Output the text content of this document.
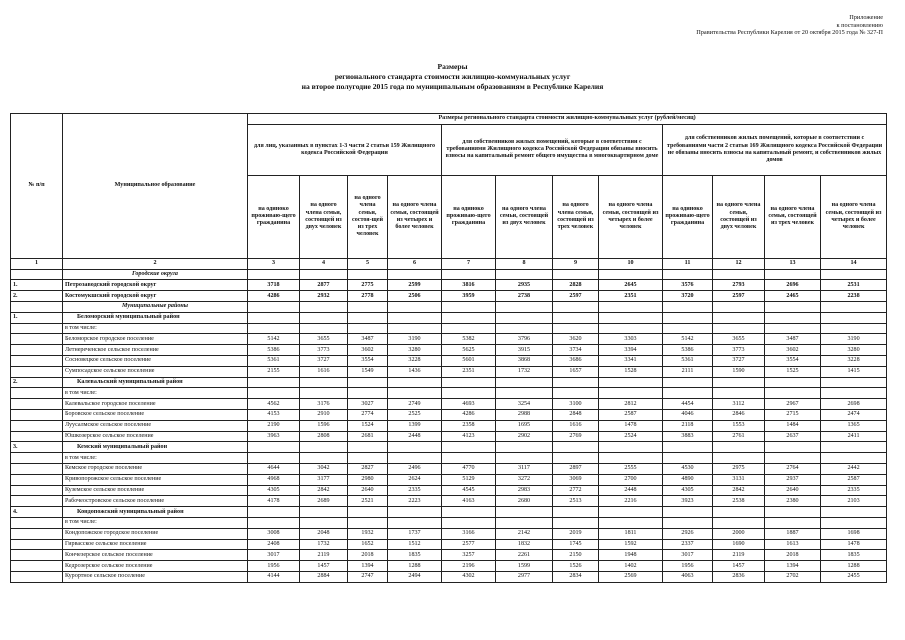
Приложение
к постановлению
Правительства Республики Карелия от 20 октября 2015 года № 327-П
Размеры
регионального стандарта стоимости жилищно-коммунальных услуг
на второе полугодие 2015 года по муниципальным образованиям в Республике Карелия
№ п/п	Муниципальное образование	Размеры регионального стандарта стоимости жилищно-коммунальных услуг (рублей/месяц)											
		для лиц, указанных в пунктах 1-3 части 2 статьи 159 Жилищного кодекса Российской Федерации				для собственников жилых помещений, которые в соответствии с требованиями Жилищного кодекса Российской Федерации обязаны вносить взносы на капитальный ремонт общего имущества в многоквартирном доме				для собственников жилых помещений, которые в соответствии с требованиями части 2 статьи 169 Жилищного кодекса Российской Федерации не обязаны вносить взносы на капитальный ремонт, и собственников жилых домов			
		на одиноко проживаю-щего гражданина	на одного члена семьи, состоящей из двух человек	на одного члена семьи, состоя-щей из трех человек	на одного члена семьи, состоящей из четырех и более человек	на одиноко проживаю-щего гражданина	на одного члена семьи, состоящей из двух человек	на одного члена семьи, состоящей из трех человек	на одного члена семьи, состоящей из четырех и более человек	на одиноко проживаю-щего гражданина	на одного члена семьи, состоящей из двух человек	на одного члена семьи, состоящей из трех человек	на одного члена семьи, состоящей из четырех и более человек
1	2	3	4	5	6	7	8	9	10	11	12	13	14
	Городские округа												
1.	Петрозаводский городской округ	3718	2877	2775	2599	3816	2935	2828	2645	3576	2793	2696	2531
2.	Костомукшский городской округ	4286	2932	2778	2506	3959	2738	2597	2351	3720	2597	2465	2238
	Муниципальные районы												
1.	Беломорский муниципальный район												
	в том числе:												
	Беломорское городское поселение	5142	3655	3487	3190	5382	3796	3620	3303	5142	3655	3487	3190
	Летнереченское сельское поселение	5386	3773	3602	3280	5625	3915	3734	3394	5386	3773	3602	3280
	Сосновецкое сельское поселение	5361	3727	3554	3228	5601	3868	3686	3341	5361	3727	3554	3228
	Сумпосадское сельское поселение	2155	1616	1549	1436	2351	1732	1657	1528	2111	1590	1525	1415
2.	Калевальский муниципальный район												
	в том числе:												
	Калевальское городское поселение	4562	3176	3027	2749	4693	3254	3100	2812	4454	3112	2967	2698
	Боровское сельское поселение	4153	2910	2774	2525	4286	2988	2848	2587	4046	2846	2715	2474
	Луусалмское сельское поселение	2190	1596	1524	1399	2358	1695	1616	1478	2118	1553	1484	1365
	Юшкозерское сельское поселение	3963	2808	2681	2448	4123	2902	2769	2524	3883	2761	2637	2411
3.	Кемский муниципальный район												
	в том числе:												
	Кемское городское поселение	4644	3042	2827	2496	4770	3117	2897	2555	4530	2975	2764	2442
	Кривопорожское сельское поселение	4968	3177	2980	2624	5129	3272	3069	2700	4890	3131	2937	2587
	Куземское сельское поселение	4305	2842	2640	2335	4545	2983	2772	2448	4305	2842	2640	2335
	Рабочеостровское сельское поселение	4178	2689	2521	2223	4163	2680	2513	2216	3923	2538	2380	2103
4.	Кондопожский муниципальный район												
	в том числе:												
	Кондопожское городское поселение	3008	2048	1932	1737	3166	2142	2019	1811	2926	2000	1887	1698
	Гирвасское сельское поселение	2408	1732	1652	1512	2577	1832	1745	1592	2337	1690	1613	1478
	Кончезерское сельское поселение	3017	2119	2018	1835	3257	2261	2150	1948	3017	2119	2018	1835
	Кедрозерское сельское поселение	1956	1457	1394	1288	2196	1599	1526	1402	1956	1457	1394	1288
	Курортное сельское поселение	4144	2884	2747	2494	4302	2977	2834	2569	4063	2836	2702	2455
